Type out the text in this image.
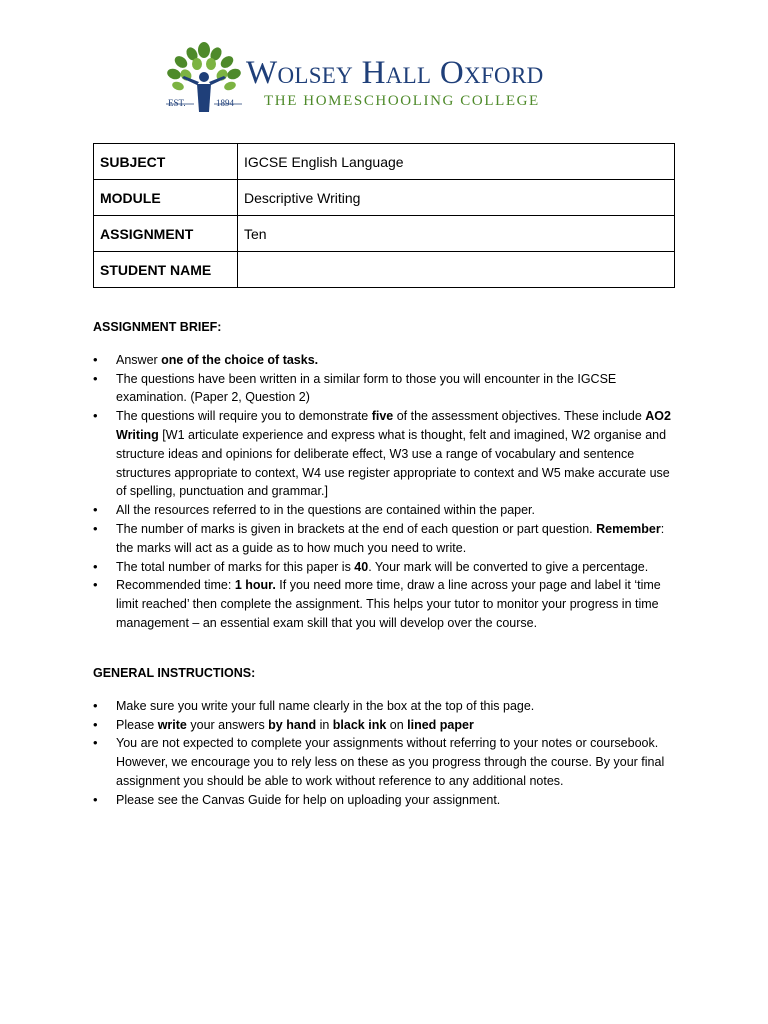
EST.	1894
Wolsey Hall Oxford
THE HOMESCHOOLING COLLEGE
SUBJECT	IGCSE English Language
MODULE	Descriptive Writing
ASSIGNMENT	Ten
STUDENT NAME	
ASSIGNMENT BRIEF:
• Answer one of the choice of tasks.
• The questions have been written in a similar form to those you will encounter in the IGCSE examination. (Paper 2, Question 2)
• The questions will require you to demonstrate five of the assessment objectives. These include AO2 Writing [W1 articulate experience and express what is thought, felt and imagined, W2 organise and structure ideas and opinions for deliberate effect, W3 use a range of vocabulary and sentence structures appropriate to context, W4 use register appropriate to context and W5 make accurate use of spelling, punctuation and grammar.]
• All the resources referred to in the questions are contained within the paper.
• The number of marks is given in brackets at the end of each question or part question. Remember: the marks will act as a guide as to how much you need to write.
• The total number of marks for this paper is 40. Your mark will be converted to give a percentage.
• Recommended time: 1 hour. If you need more time, draw a line across your page and label it ‘time limit reached’ then complete the assignment. This helps your tutor to monitor your progress in time management – an essential exam skill that you will develop over the course.
GENERAL INSTRUCTIONS:
• Make sure you write your full name clearly in the box at the top of this page.
• Please write your answers by hand in black ink on lined paper
• You are not expected to complete your assignments without referring to your notes or coursebook. However, we encourage you to rely less on these as you progress through the course. By your final assignment you should be able to work without reference to any additional notes.
• Please see the Canvas Guide for help on uploading your assignment.
